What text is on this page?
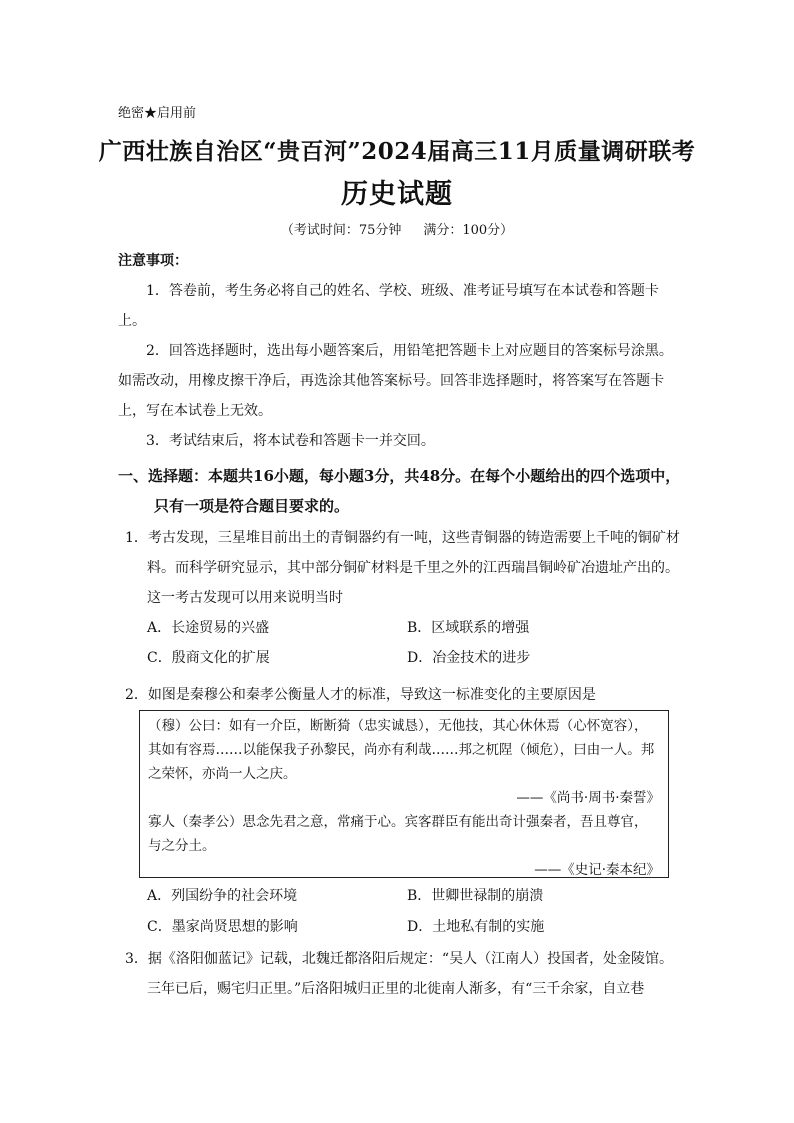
绝密★启用前
广西壮族自治区“贵百河”2024届高三11月质量调研联考
历史试题
（考试时间：75分钟 满分：100分）
注意事项：

1．答卷前，考生务必将自己的姓名、学校、班级、准考证号填写在本试卷和答题卡上。

2．回答选择题时，选出每小题答案后，用铅笔把答题卡上对应题目的答案标号涂黑。如需改动，用橡皮擦干净后，再选涂其他答案标号。回答非选择题时，将答案写在答题卡上，写在本试卷上无效。

3．考试结束后，将本试卷和答题卡一并交回。

一、选择题：本题共16小题，每小题3分，共48分。在每个小题给出的四个选项中，只有一项是符合题目要求的。
1．考古发现，三星堆目前出土的青铜器约有一吨，这些青铜器的铸造需要上千吨的铜矿材料。而科学研究显示，其中部分铜矿材料是千里之外的江西瑞昌铜岭矿冶遗址产出的。这一考古发现可以用来说明当时
A．长途贸易的兴盛	B．区域联系的增强
C．殷商文化的扩展	D．冶金技术的进步
2．如图是秦穆公和秦孝公衡量人才的标准，导致这一标准变化的主要原因是
（穆）公曰：如有一介臣，断断猗（忠实诚恳），无他技，其心休休焉（心怀宽容），其如有容焉……以能保我子孙黎民，尚亦有利哉……邦之杌陧（倾危），曰由一人。邦之荣怀，亦尚一人之庆。
——《尚书·周书·秦誓》
寡人（秦孝公）思念先君之意，常痛于心。宾客群臣有能出奇计强秦者，吾且尊官，与之分土。
——《史记·秦本纪》
A．列国纷争的社会环境	B．世卿世禄制的崩溃
C．墨家尚贤思想的影响	D．土地私有制的实施
3．据《洛阳伽蓝记》记载，北魏迁都洛阳后规定：“吴人（江南人）投国者，处金陵馆。三年已后，赐宅归正里。”后洛阳城归正里的北徙南人渐多，有“三千余家，自立巷
